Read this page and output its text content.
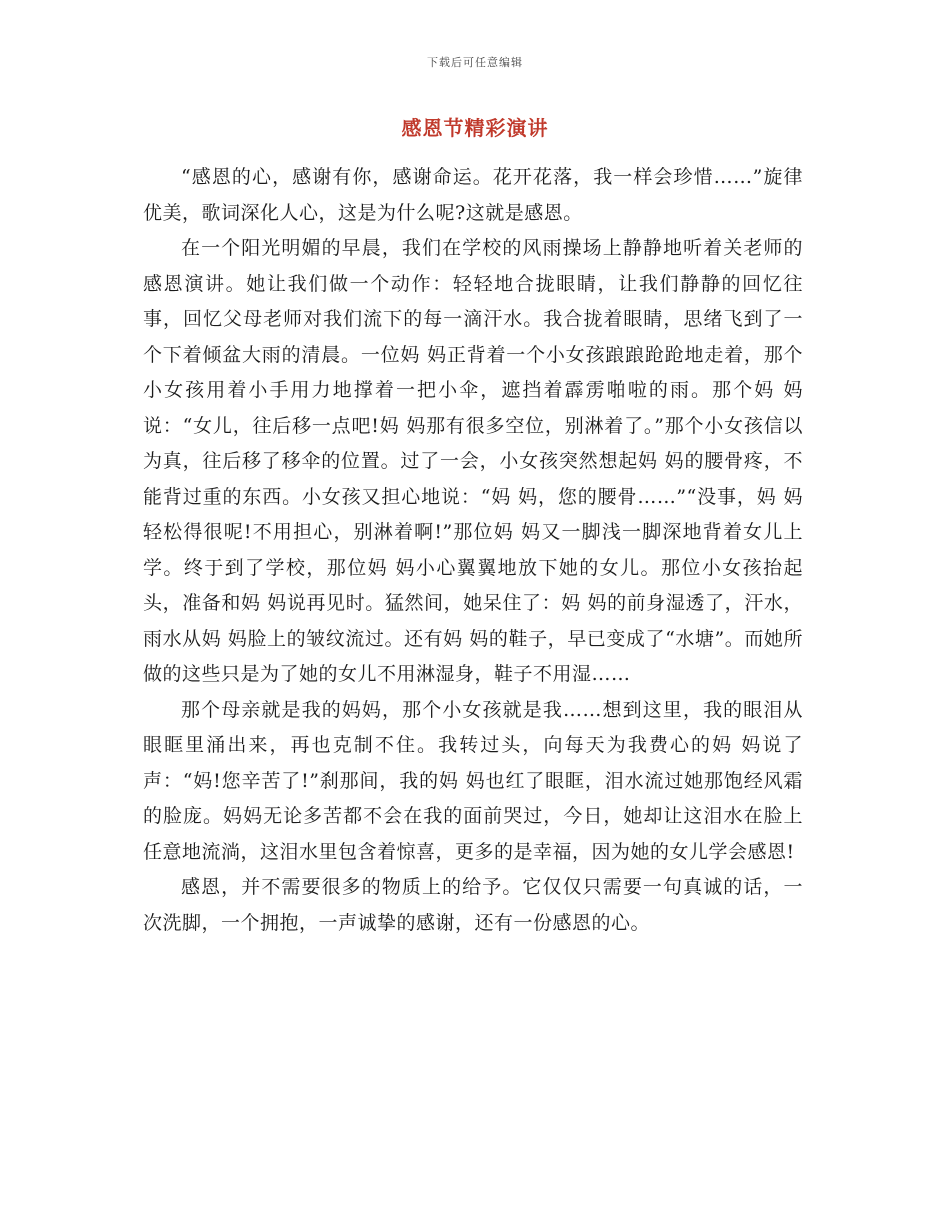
下载后可任意编辑
感恩节精彩演讲

“感恩的心，感谢有你，感谢命运。花开花落，我一样会珍惜……”旋律优美，歌词深化人心，这是为什么呢?这就是感恩。

在一个阳光明媚的早晨，我们在学校的风雨操场上静静地听着关老师的感恩演讲。她让我们做一个动作：轻轻地合拢眼睛，让我们静静的回忆往事，回忆父母老师对我们流下的每一滴汗水。我合拢着眼睛，思绪飞到了一个下着倾盆大雨的清晨。一位妈 妈正背着一个小女孩踉踉跄跄地走着，那个小女孩用着小手用力地撑着一把小伞，遮挡着霹雳啪啦的雨。那个妈 妈说：“女儿，往后移一点吧!妈 妈那有很多空位，别淋着了。”那个小女孩信以为真，往后移了移伞的位置。过了一会，小女孩突然想起妈 妈的腰骨疼，不能背过重的东西。小女孩又担心地说：“妈 妈，您的腰骨……”“没事，妈 妈轻松得很呢!不用担心，别淋着啊!”那位妈 妈又一脚浅一脚深地背着女儿上学。终于到了学校，那位妈 妈小心翼翼地放下她的女儿。那位小女孩抬起头，准备和妈 妈说再见时。猛然间，她呆住了：妈 妈的前身湿透了，汗水，雨水从妈 妈脸上的皱纹流过。还有妈 妈的鞋子，早已变成了“水塘”。而她所做的这些只是为了她的女儿不用淋湿身，鞋子不用湿……

那个母亲就是我的妈妈，那个小女孩就是我……想到这里，我的眼泪从眼眶里涌出来，再也克制不住。我转过头，向每天为我费心的妈 妈说了声：“妈!您辛苦了!”刹那间，我的妈 妈也红了眼眶，泪水流过她那饱经风霜的脸庞。妈妈无论多苦都不会在我的面前哭过，今日，她却让这泪水在脸上任意地流淌，这泪水里包含着惊喜，更多的是幸福，因为她的女儿学会感恩!

感恩，并不需要很多的物质上的给予。它仅仅只需要一句真诚的话，一次洗脚，一个拥抱，一声诚挚的感谢，还有一份感恩的心。
